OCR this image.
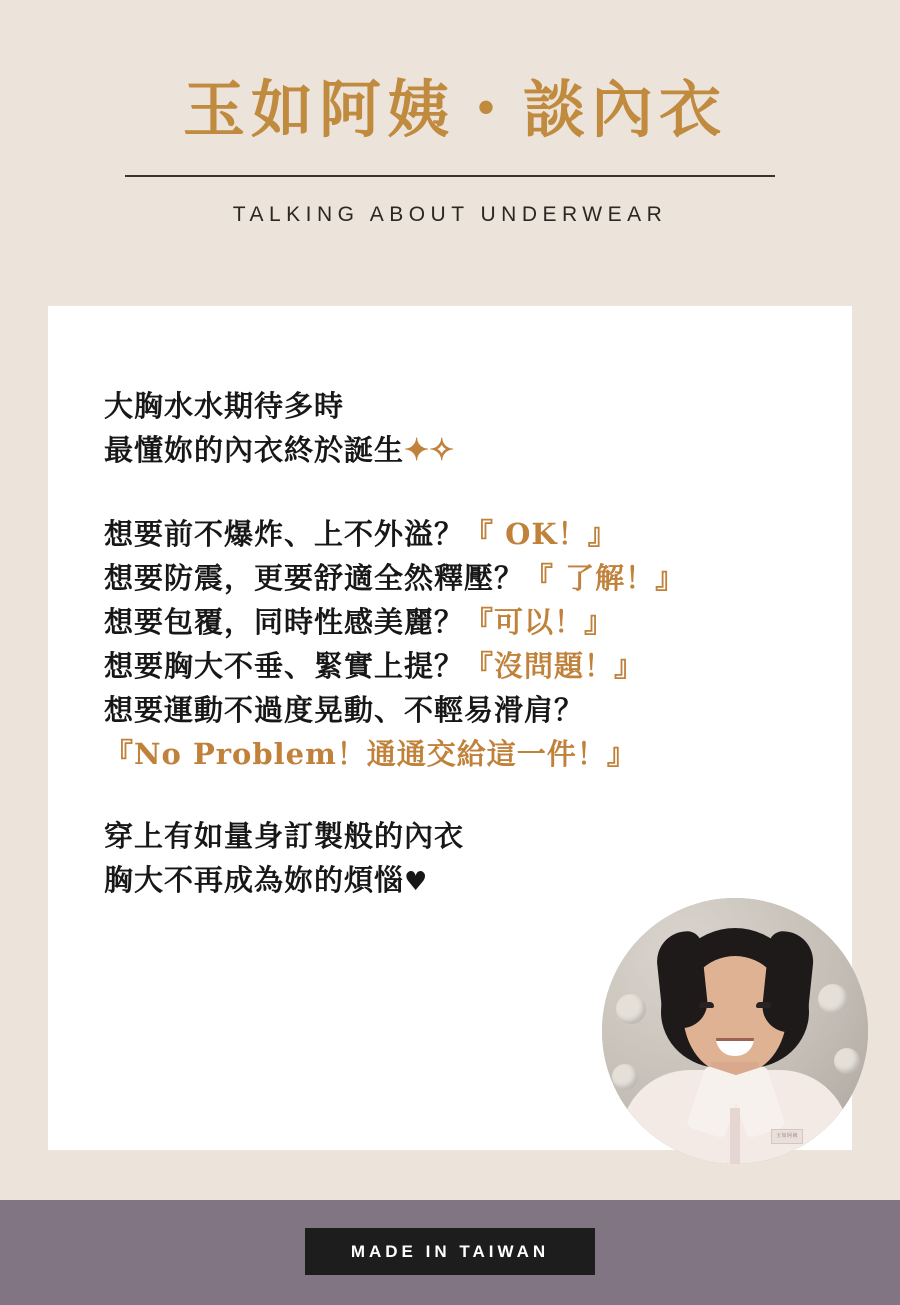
玉如阿姨・談內衣
TALKING ABOUT UNDERWEAR
大胸水水期待多時
最懂妳的內衣終於誕生✦✧
想要前不爆炸、上不外溢？『 OK！』
想要防震，更要舒適全然釋壓？『 了解！』
想要包覆，同時性感美麗？『可以！』
想要胸大不垂、緊實上提？『沒問題！』
想要運動不過度晃動、不輕易滑肩？
『No Problem！通通交給這一件！』
穿上有如量身訂製般的內衣
胸大不再成為妳的煩惱♥
玉如阿姨
MADE IN TAIWAN
